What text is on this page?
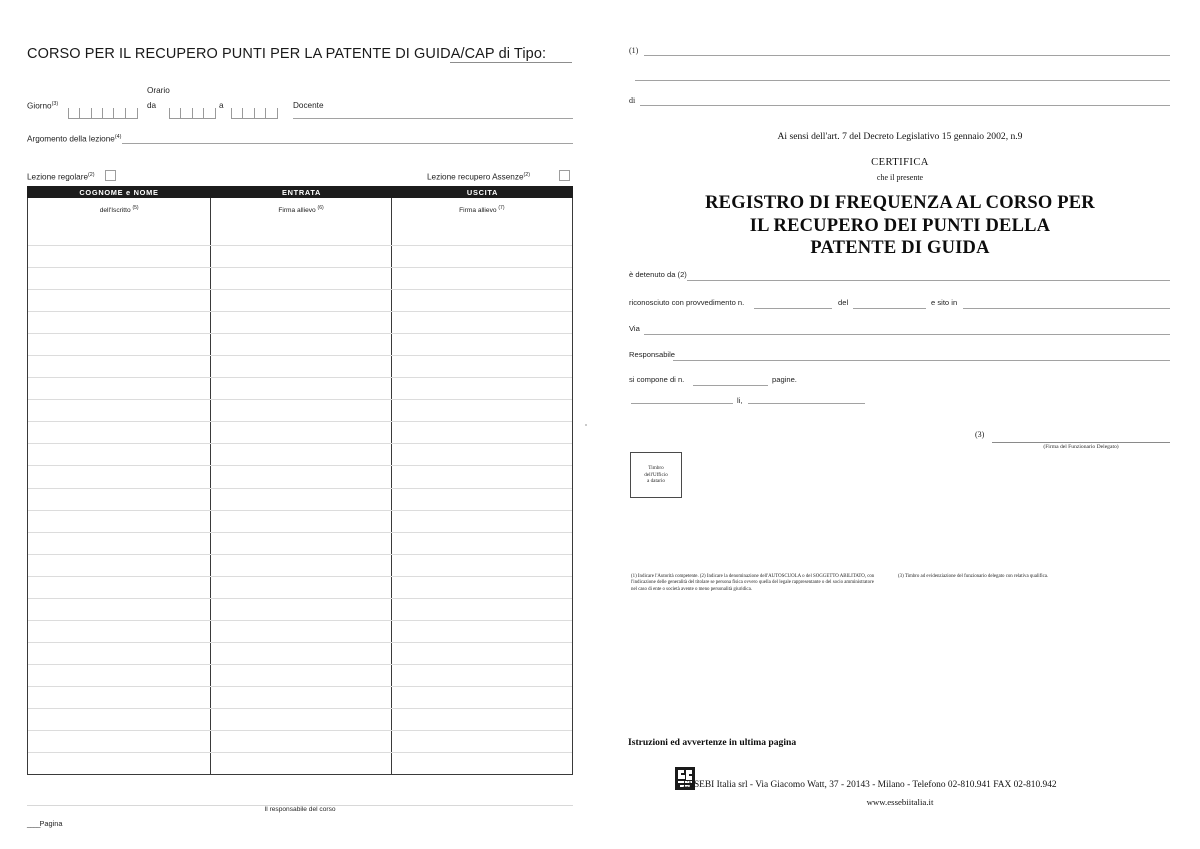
CORSO PER IL RECUPERO PUNTI PER LA PATENTE DI GUIDA/CAP di Tipo:
Giorno$^{(3)}$
Orario
da	a	Docente
Argomento della lezione$^{(4)}$
Lezione regolare$^{(2)}$	Lezione recupero Assenze$^{(2)}$
COGNOME e NOME	ENTRATA	USCITA
dell'Iscritto $^{(5)}$	Firma allievo $^{(6)}$	Firma allievo $^{(7)}$
Il responsabile del corso
____Pagina
(1)
di
Ai sensi dell'art. 7 del Decreto Legislativo 15 gennaio 2002, n.9
CERTIFICA
che il presente
REGISTRO DI FREQUENZA AL CORSO PER
IL RECUPERO DEI PUNTI DELLA
PATENTE DI GUIDA
è detenuto da (2)
riconosciuto con provvedimento n.	del	e sito in
Via
Responsabile
si compone di n.	pagine.
li,
Timbro
dell'Ufficio
a datario
(3)
(Firma del Funzionario Delegato)
(1) Indicare l'Autorità competente. (2) Indicare la denominazione dell'AUTOSCUOLA o del SOGGETTO ABILITATO, con l'indicazione delle generalità del titolare se persona fisica ovvero quella del legale rappresentante o del socio amministratore nel caso di ente o società avente o meno personalità giuridica.
(3) Timbro ad evidenziazione del funzionario delegato con relativa qualifica.
Istruzioni ed avvertenze in ultima pagina
ESSEBI Italia srl - Via Giacomo Watt, 37 - 20143 - Milano - Telefono 02-810.941 FAX 02-810.942
www.essebiitalia.it
